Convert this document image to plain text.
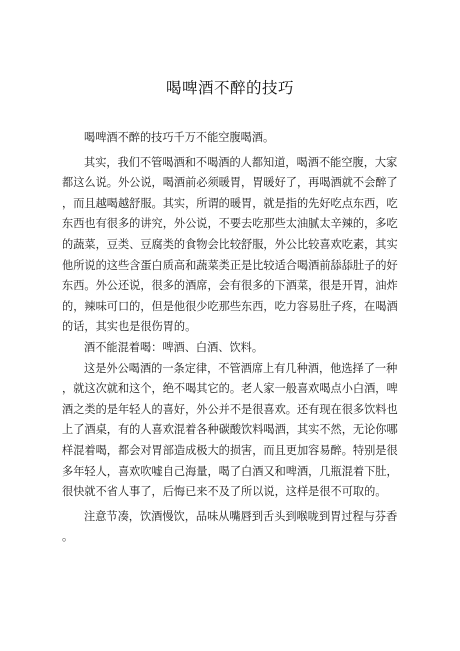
喝啤酒不醉的技巧
喝啤酒不醉的技巧千万不能空腹喝酒。
其实，我们不管喝酒和不喝酒的人都知道，喝酒不能空腹，大家
都这么说。外公说，喝酒前必须暖胃，胃暖好了，再喝酒就不会醉了
，而且越喝越舒服。其实，所谓的暖胃，就是指的先好吃点东西，吃
东西也有很多的讲究，外公说，不要去吃那些太油腻太辛辣的，多吃
的蔬菜，豆类、豆腐类的食物会比较舒服，外公比较喜欢吃素，其实
他所说的这些含蛋白质高和蔬菜类正是比较适合喝酒前舔舔肚子的好
东西。外公还说，很多的酒席，会有很多的下酒菜，很是开胃，油炸
的，辣味可口的，但是他很少吃那些东西，吃力容易肚子疼，在喝酒
的话，其实也是很伤胃的。
酒不能混着喝：啤酒、白酒、饮料。
这是外公喝酒的一条定律，不管酒席上有几种酒，他选择了一种
，就这次就和这个，绝不喝其它的。老人家一般喜欢喝点小白酒，啤
酒之类的是年轻人的喜好，外公并不是很喜欢。还有现在很多饮料也
上了酒桌，有的人喜欢混着各种碳酸饮料喝酒，其实不然，无论你哪
样混着喝，都会对胃部造成极大的损害，而且更加容易醉。特别是很
多年轻人，喜欢吹嘘自己海量，喝了白酒又和啤酒，几瓶混着下肚，
很快就不省人事了，后悔已来不及了所以说，这样是很不可取的。
注意节凑，饮酒慢饮，品味从嘴唇到舌头到喉咙到胃过程与芬香
。
